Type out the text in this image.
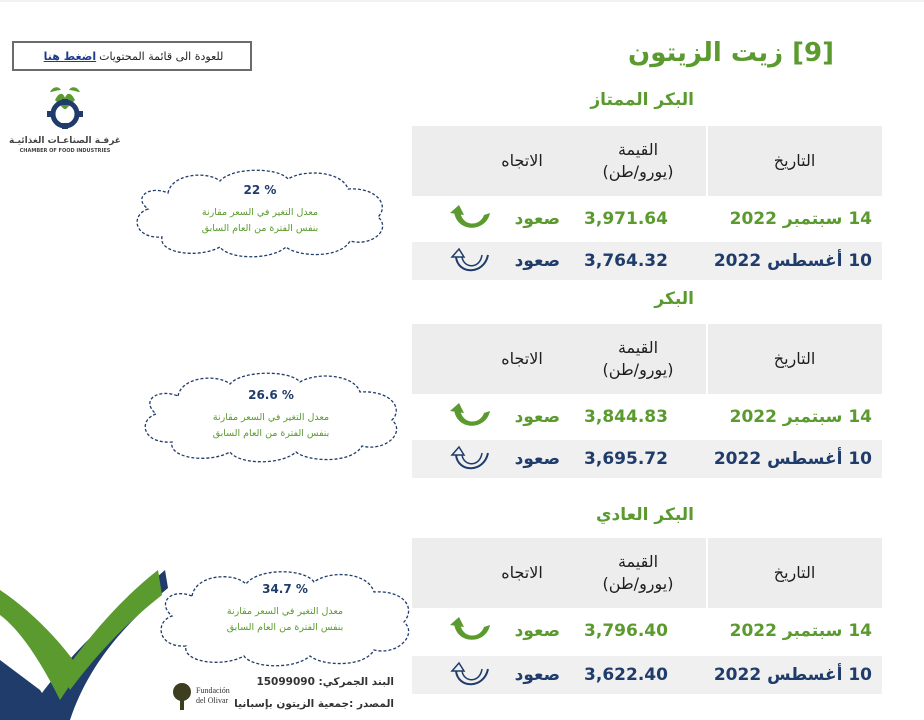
للعودة الى قائمة المحتويات
اضغط هنا
غرفـة الصناعـات الغذائيـة
CHAMBER OF FOOD INDUSTRIES
[9] زيت الزيتون
البكر الممتاز
البكر
البكر العادي
التاريخ
القيمة
(يورو/طن)
الاتجاه
14 سبتمبر 2022
3,971.64
صعود
10 أغسطس 2022
3,764.32
صعود
التاريخ
القيمة
(يورو/طن)
الاتجاه
14 سبتمبر 2022
3,844.83
صعود
10 أغسطس 2022
3,695.72
صعود
التاريخ
القيمة
(يورو/طن)
الاتجاه
14 سبتمبر 2022
3,796.40
صعود
10 أغسطس 2022
3,622.40
صعود
22 %
معدل التغير في السعر مقارنة
بنفس الفترة من العام السابق
26.6 %
معدل التغير في السعر مقارنة
بنفس الفترة من العام السابق
34.7 %
معدل التغير في السعر مقارنة
بنفس الفترة من العام السابق
البند الجمركي: 15099090
المصدر :جمعية الزيتون بإسبانيا
Fundación
del Olivar
